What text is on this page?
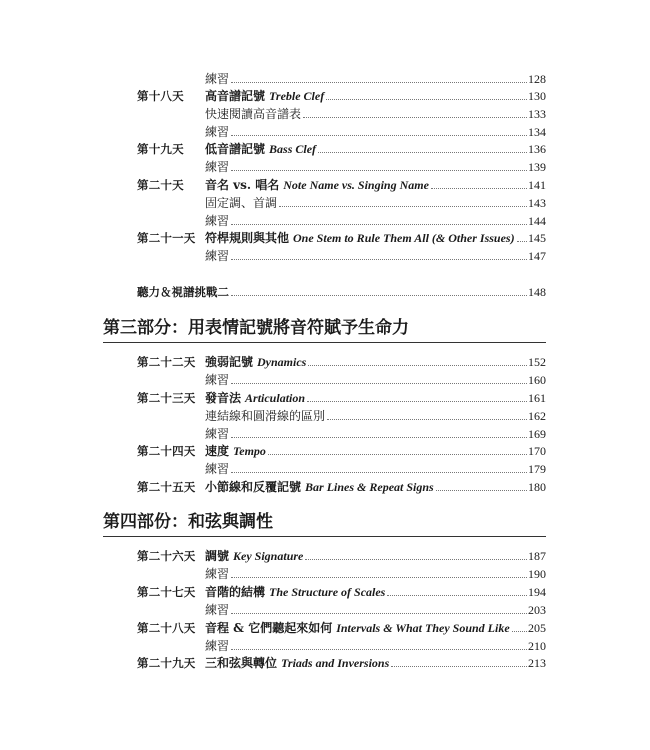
練習	128
第十八天	高音譜記號 Treble Clef	130
快速閱讀高音譜表	133
練習	134
第十九天	低音譜記號 Bass Clef	136
練習	139
第二十天	音名 vs. 唱名 Note Name vs. Singing Name	141
固定調、首調	143
練習	144
第二十一天 符桿規則與其他 One Stem to Rule Them All (& Other Issues) 145
練習	147
聽力＆視譜挑戰二	148
第三部分：用表情記號將音符賦予生命力
第二十二天 強弱記號 Dynamics	152
練習	160
第二十三天 發音法 Articulation	161
連結線和圓滑線的區別	162
練習	169
第二十四天 速度 Tempo	170
練習	179
第二十五天 小節線和反覆記號 Bar Lines & Repeat Signs	180
第四部份：和弦與調性
第二十六天 調號 Key Signature	187
練習	190
第二十七天 音階的結構 The Structure of Scales	194
練習	203
第二十八天 音程 & 它們聽起來如何 Intervals & What They Sound Like 205
練習	210
第二十九天 三和弦與轉位 Triads and Inversions	213
